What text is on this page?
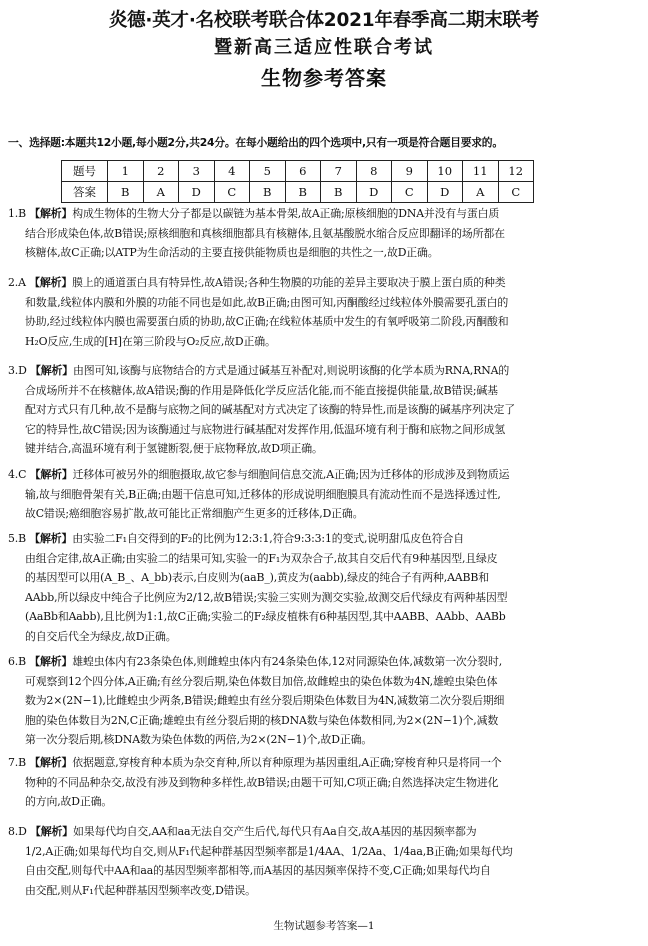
炎德·英才·名校联考联合体2021年春季高二期末联考
暨新高三适应性联合考试
生物参考答案
一、选择题:本题共12小题,每小题2分,共24分。在每小题给出的四个选项中,只有一项是符合题目要求的。
题号	1	2	3	4	5	6	7	8	9	10	11	12
答案	B	A	D	C	B	B	B	D	C	D	A	C
1.B 【解析】构成生物体的生物大分子都是以碳链为基本骨架,故A正确;原核细胞的DNA并没有与蛋白质
结合形成染色体,故B错误;原核细胞和真核细胞都具有核糖体,且氨基酸脱水缩合反应即翻译的场所都在
核糖体,故C正确;以ATP为生命活动的主要直接供能物质也是细胞的共性之一,故D正确。
2.A 【解析】膜上的通道蛋白具有特异性,故A错误;各种生物膜的功能的差异主要取决于膜上蛋白质的种类
和数量,线粒体内膜和外膜的功能不同也是如此,故B正确;由图可知,丙酮酸经过线粒体外膜需要孔蛋白的
协助,经过线粒体内膜也需要蛋白质的协助,故C正确;在线粒体基质中发生的有氧呼吸第二阶段,丙酮酸和
H₂O反应,生成的[H]在第三阶段与O₂反应,故D正确。
3.D 【解析】由图可知,该酶与底物结合的方式是通过碱基互补配对,则说明该酶的化学本质为RNA,RNA的
合成场所并不在核糖体,故A错误;酶的作用是降低化学反应活化能,而不能直接提供能量,故B错误;碱基
配对方式只有几种,故不是酶与底物之间的碱基配对方式决定了该酶的特异性,而是该酶的碱基序列决定了
它的特异性,故C错误;因为该酶通过与底物进行碱基配对发挥作用,低温环境有利于酶和底物之间形成氢
键并结合,高温环境有利于氢键断裂,便于底物释放,故D项正确。
4.C 【解析】迁移体可被另外的细胞摄取,故它参与细胞间信息交流,A正确;因为迁移体的形成涉及到物质运
输,故与细胞骨架有关,B正确;由题干信息可知,迁移体的形成说明细胞膜具有流动性而不是选择透过性,
故C错误;癌细胞容易扩散,故可能比正常细胞产生更多的迁移体,D正确。
5.B 【解析】由实验二F₁自交得到的F₂的比例为12:3:1,符合9:3:3:1的变式,说明甜瓜皮色符合自
由组合定律,故A正确;由实验二的结果可知,实验一的F₁为双杂合子,故其自交后代有9种基因型,且绿皮
的基因型可以用(A_B_、A_bb)表示,白皮则为(aaB_),黄皮为(aabb),绿皮的纯合子有两种,AABB和
AAbb,所以绿皮中纯合子比例应为2/12,故B错误;实验三实则为测交实验,故测交后代绿皮有两种基因型
(AaBb和Aabb),且比例为1:1,故C正确;实验二的F₂绿皮植株有6种基因型,其中AABB、AAbb、AABb
的自交后代全为绿皮,故D正确。
6.B 【解析】雄蝗虫体内有23条染色体,则雌蝗虫体内有24条染色体,12对同源染色体,减数第一次分裂时,
可观察到12个四分体,A正确;有丝分裂后期,染色体数目加倍,故雌蝗虫的染色体数为4N,雄蝗虫染色体
数为2×(2N−1),比雌蝗虫少两条,B错误;雌蝗虫有丝分裂后期染色体数目为4N,减数第二次分裂后期细
胞的染色体数目为2N,C正确;雄蝗虫有丝分裂后期的核DNA数与染色体数相同,为2×(2N−1)个,减数
第一次分裂后期,核DNA数为染色体数的两倍,为2×(2N−1)个,故D正确。
7.B 【解析】依据题意,穿梭育种本质为杂交育种,所以育种原理为基因重组,A正确;穿梭育种只是将同一个
物种的不同品种杂交,故没有涉及到物种多样性,故B错误;由题干可知,C项正确;自然选择决定生物进化
的方向,故D正确。
8.D 【解析】如果每代均自交,AA和aa无法自交产生后代,每代只有Aa自交,故A基因的基因频率都为
1/2,A正确;如果每代均自交,则从F₁代起种群基因型频率都是1/4AA、1/2Aa、1/4aa,B正确;如果每代均
自由交配,则每代中AA和aa的基因型频率都相等,而A基因的基因频率保持不变,C正确;如果每代均自
由交配,则从F₁代起种群基因型频率改变,D错误。
生物试题参考答案—1
